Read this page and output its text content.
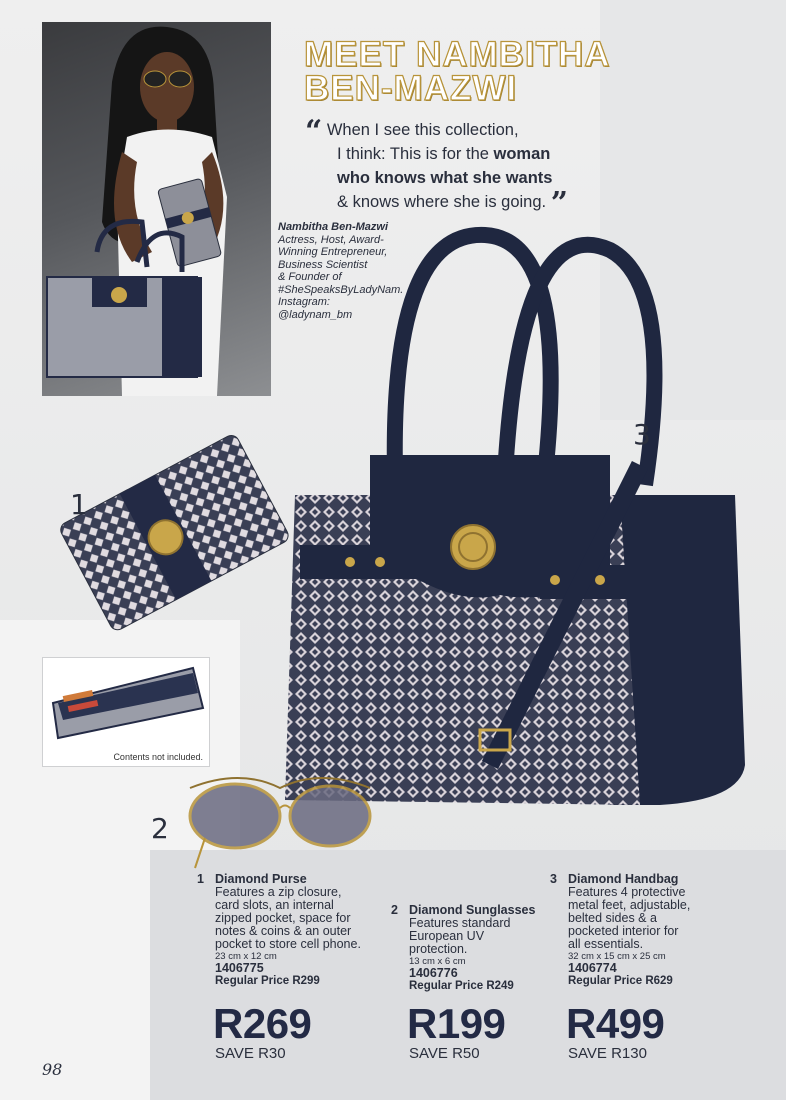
MEET NAMBITHA
BEN-MAZWI
“ When I see this collection,
I think: This is for the woman
who knows what she wants
& knows where she is going. ”
Nambitha Ben-Mazwi
Actress, Host, Award-
Winning Entrepreneur,
Business Scientist
& Founder of
#SheSpeaksByLadyNam.
Instagram:
@ladynam_bm
Contents not included.
1
2
3
1 Diamond Purse
Features a zip closure,
card slots, an internal
zipped pocket, space for
notes & coins & an outer
pocket to store cell phone.
23 cm x 12 cm
1406775
Regular Price R299
R269
SAVE R30
2 Diamond Sunglasses
Features standard
European UV
protection.
13 cm x 6 cm
1406776
Regular Price R249
R199
SAVE R50
3 Diamond Handbag
Features 4 protective
metal feet, adjustable,
belted sides & a
pocketed interior for
all essentials.
32 cm x 15 cm x 25 cm
1406774
Regular Price R629
R499
SAVE R130
98
